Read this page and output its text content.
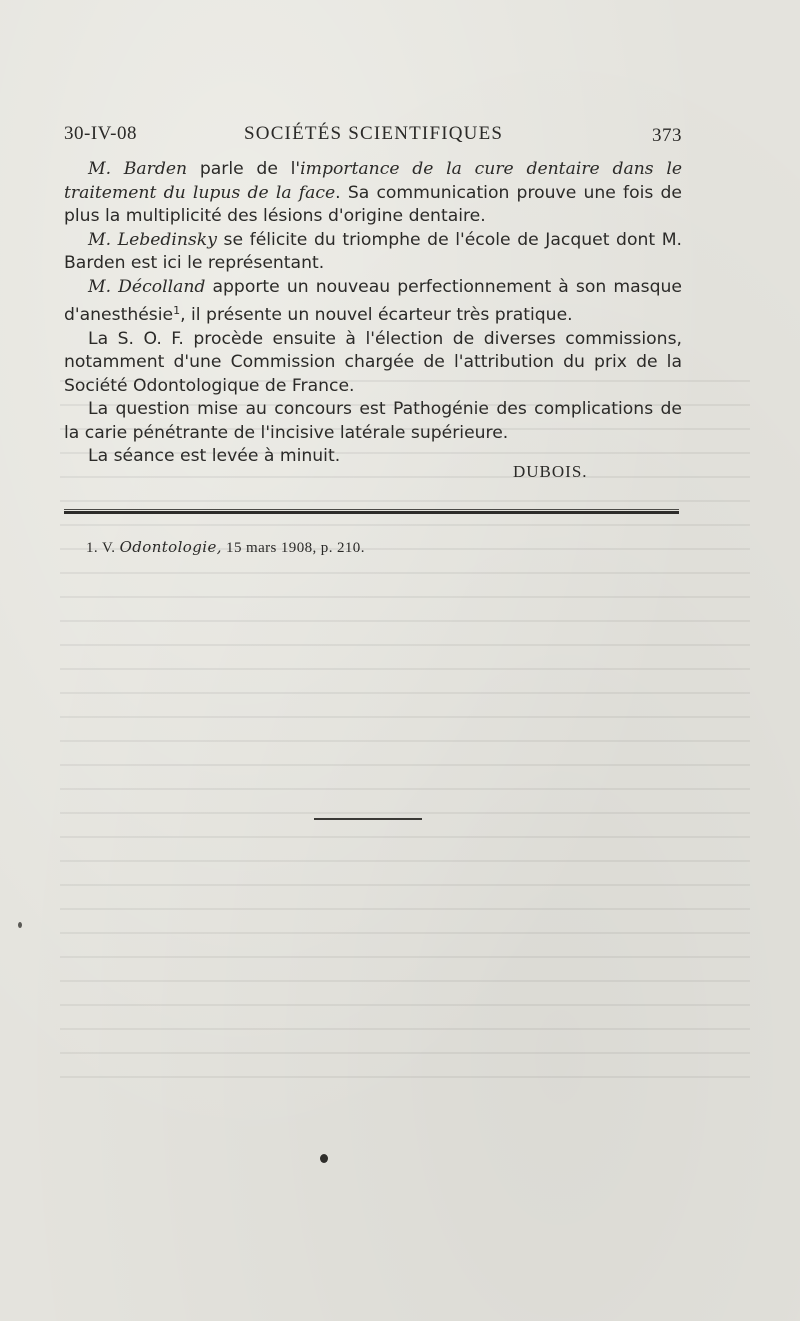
30-IV-08	SOCIÉTÉS SCIENTIFIQUES	373

M. Barden parle de l'importance de la cure dentaire dans le traitement du lupus de la face. Sa communication prouve une fois de plus la multiplicité des lésions d'origine dentaire.

M. Lebedinsky se félicite du triomphe de l'école de Jacquet dont M. Barden est ici le représentant.

M. Décolland apporte un nouveau perfectionnement à son masque d'anesthésie$^1$, il présente un nouvel écarteur très pratique.

La S. O. F. procède ensuite à l'élection de diverses commissions, notamment d'une Commission chargée de l'attribution du prix de la Société Odontologique de France.

La question mise au concours est Pathogénie des complications de la carie pénétrante de l'incisive latérale supérieure.

La séance est levée à minuit.

DUBOIS.
1. V. Odontologie, 15 mars 1908, p. 210.
